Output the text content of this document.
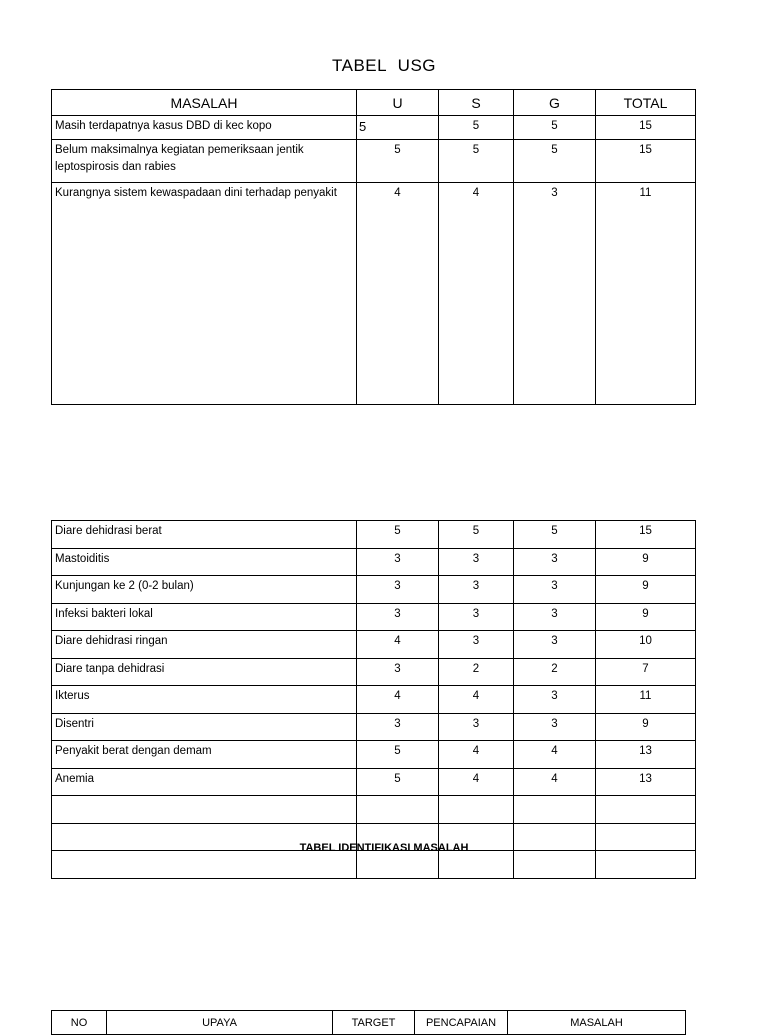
TABEL USG
MASALAH	U	S	G	TOTAL
Masih terdapatnya kasus DBD di kec kopo	5	5	5	15
Belum maksimalnya kegiatan pemeriksaan jentik leptospirosis dan rabies	5	5	5	15
Kurangnya sistem kewaspadaan dini terhadap penyakit	4	4	3	11
Diare dehidrasi berat	5	5	5	15
Mastoiditis	3	3	3	9
Kunjungan ke 2 (0-2 bulan)	3	3	3	9
Infeksi bakteri lokal	3	3	3	9
Diare dehidrasi ringan	4	3	3	10
Diare tanpa dehidrasi	3	2	2	7
Ikterus	4	4	3	11
Disentri	3	3	3	9
Penyakit berat dengan demam	5	4	4	13
Anemia	5	4	4	13

TABEL IDENTIFIKASI MASALAH
NO	UPAYA	TARGET	PENCAPAIAN	MASALAH
